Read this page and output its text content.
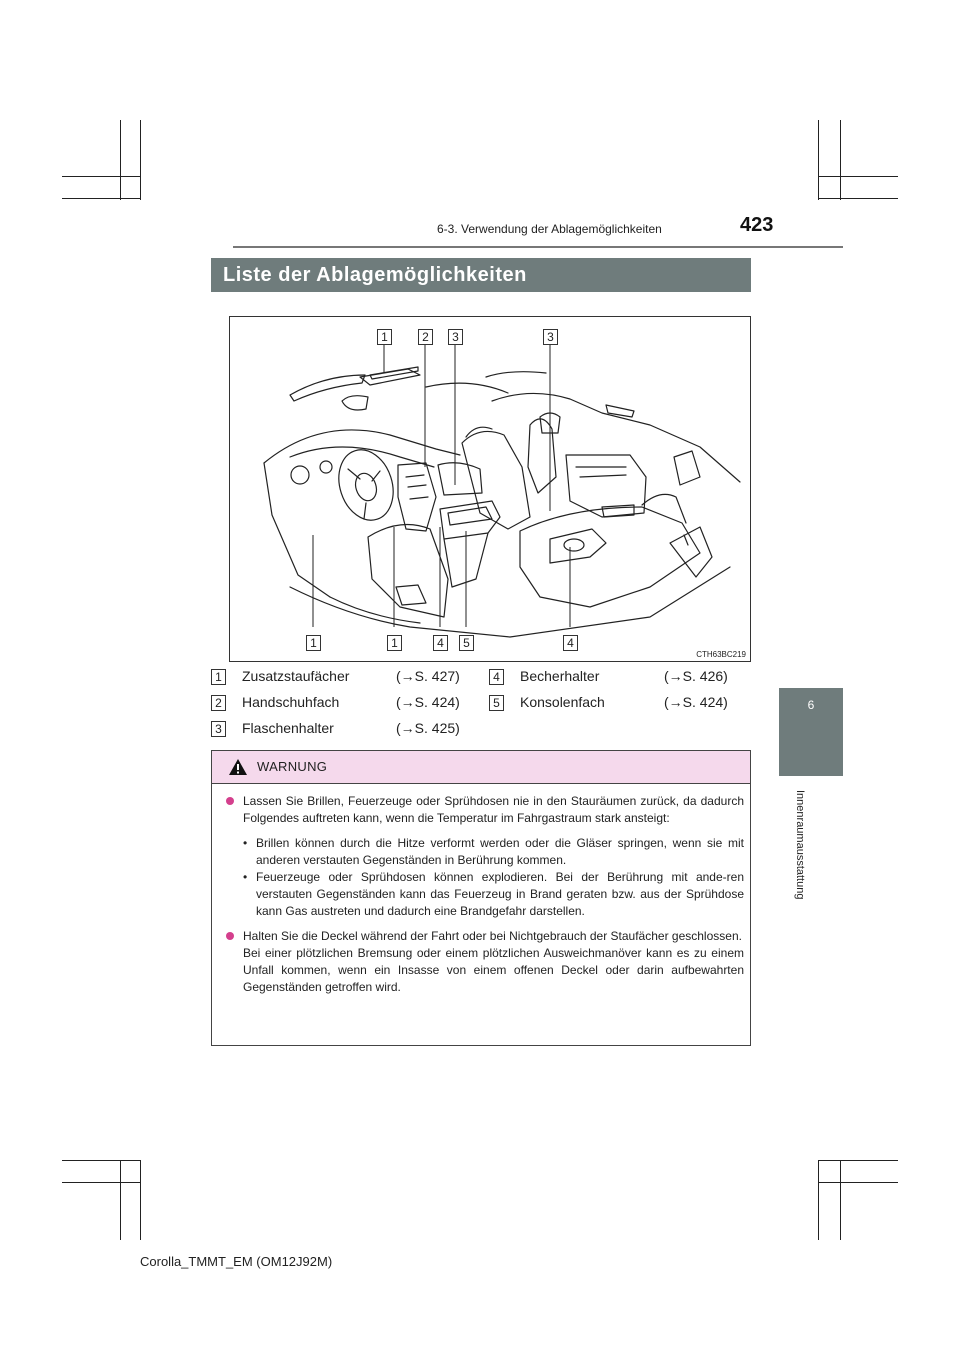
6-3. Verwendung der Ablagemöglichkeiten	423
6
Innenraumausstattung
Liste der Ablagemöglichkeiten
1	2	3	3
1	1	4	5	4
CTH63BC219
1 Zusatzstaufächer	(→S. 427)
2 Handschuhfach	(→S. 424)
3 Flaschenhalter	(→S. 425)
4 Becherhalter	(→S. 426)
5 Konsolenfach	(→S. 424)
WARNUNG
Lassen Sie Brillen, Feuerzeuge oder Sprühdosen nie in den Stauräumen zurück, da dadurch Folgendes auftreten kann, wenn die Temperatur im Fahrgastraum stark ansteigt:
• Brillen können durch die Hitze verformt werden oder die Gläser springen, wenn sie mit anderen verstauten Gegenständen in Berührung kommen.
• Feuerzeuge oder Sprühdosen können explodieren. Bei der Berührung mit ande-ren verstauten Gegenständen kann das Feuerzeug in Brand geraten bzw. aus der Sprühdose kann Gas austreten und dadurch eine Brandgefahr darstellen.
Halten Sie die Deckel während der Fahrt oder bei Nichtgebrauch der Staufächer geschlossen.
Bei einer plötzlichen Bremsung oder einem plötzlichen Ausweichmanöver kann es zu einem Unfall kommen, wenn ein Insasse von einem offenen Deckel oder darin aufbewahrten Gegenständen getroffen wird.
Corolla_TMMT_EM (OM12J92M)
